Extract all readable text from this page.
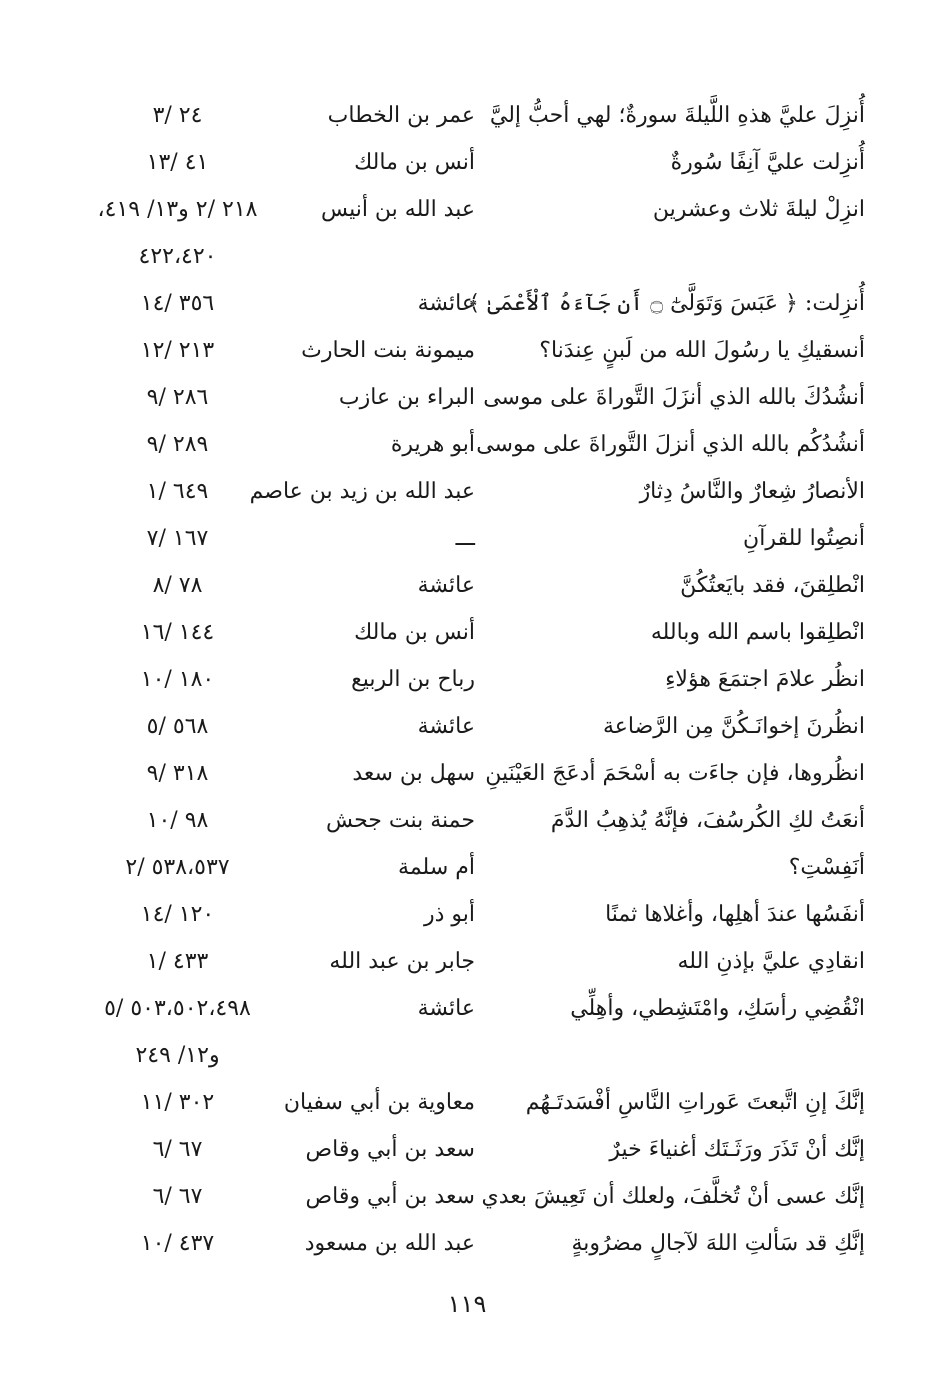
أُنزِلَ عليَّ هذهِ اللَّيلةَ سورةٌ؛ لهي أحبُّ إليَّ
عمر بن الخطاب
٢٤ /٣
أُنزِلت عليَّ آنِفًا سُورةٌ
أنس بن مالك
٤١ /١٣
انزِلْ ليلةَ ثلاث وعشرين
عبد الله بن أنيس
٢١٨ /٢ و١٣/ ٤١٩،
٤٢٢،٤٢٠
أُنزِلت: ﴿ عَبَسَ وَتَوَلَّىٰٓ ۝ أَن جَآءَهُ ٱلْأَعْمَىٰ ﴾
عائشة
٣٥٦ /١٤
أنسقيكِ يا رسُولَ الله من لَبنٍ عِندَنا؟
ميمونة بنت الحارث
٢١٣ /١٢
أنشُدُكَ بالله الذي أنزَلَ التَّوراةَ على موسى
البراء بن عازب
٢٨٦ /٩
أنشُدُكُم بالله الذي أنزلَ التَّوراةَ على موسى
أبو هريرة
٢٨٩ /٩
الأنصارُ شِعارٌ والنَّاسُ دِثارٌ
عبد الله بن زيد بن عاصم
٦٤٩ /١
أنصِتُوا للقرآنِ
ـــ
١٦٧ /٧
انْطلِقنَ، فقد بايَعتُكُنَّ
عائشة
٧٨ /٨
انْطلِقوا باسم الله وبالله
أنس بن مالك
١٤٤ /١٦
انظُر علامَ اجتمَعَ هؤلاءِ
رباح بن الربيع
١٨٠ /١٠
انظُرنَ إخوانَـكُنَّ مِن الرَّضاعة
عائشة
٥٦٨ /٥
انظُروها، فإن جاءَت به أسْحَمَ أدعَجَ العَيْنَينِ
سهل بن سعد
٣١٨ /٩
أنعَتُ لكِ الكُرسُفَ، فإنَّهُ يُذهِبُ الدَّمَ
حمنة بنت جحش
٩٨ /١٠
أنَفِسْتِ؟
أم سلمة
٥٣٨،٥٣٧ /٢
أنفَسُها عندَ أهلِها، وأغلاها ثمنًا
أبو ذر
١٢٠ /١٤
انقادِي عليَّ بإذنِ الله
جابر بن عبد الله
٤٣٣ /١
انْقُضِي رأسَكِ، وامْتَشِطي، وأهِلِّي
عائشة
٥٠٣،٥٠٢،٤٩٨ /٥
و١٢/ ٢٤٩
إنَّكَ إنِ اتَّبعتَ عَوراتِ النَّاسِ أفْسَدتَـهُم
معاوية بن أبي سفيان
٣٠٢ /١١
إنَّك أنْ تَذَرَ ورَثَـتَك أغنياءَ خيرٌ
سعد بن أبي وقاص
٦٧ /٦
إنَّك عسى أنْ تُخلَّفَ، ولعلك أن تَعِيشَ بعدي
سعد بن أبي وقاص
٦٧ /٦
إنَّكِ قد سَألتِ اللهَ لآجالٍ مضرُوبةٍ
عبد الله بن مسعود
٤٣٧ /١٠
١١٩
